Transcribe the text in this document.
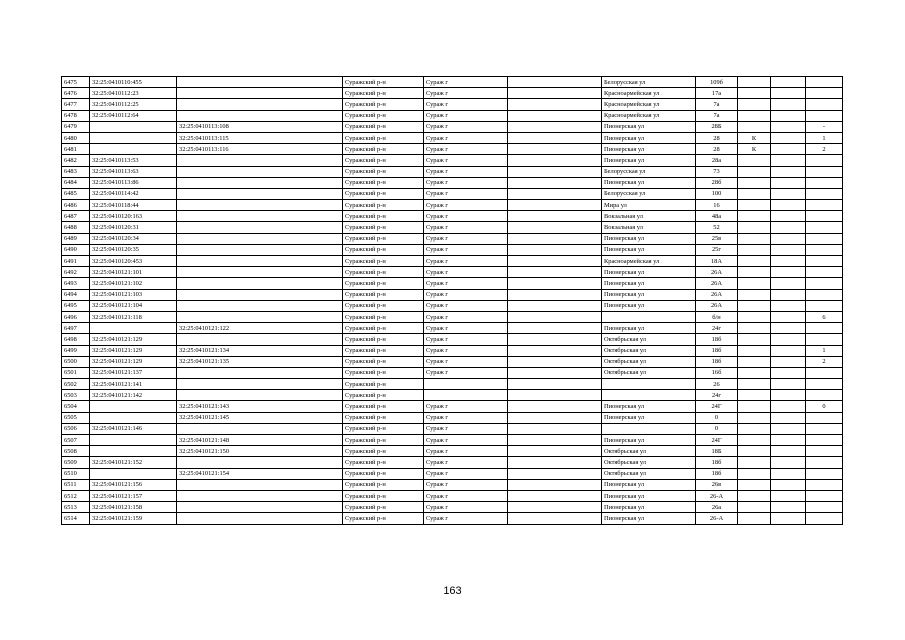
6475	32:25:0410110:455		Суражский р-н	Сураж г		Белорусская ул	109б			
6476	32:25:0410112:23		Суражский р-н	Сураж г		Красноармейская ул	17а			
6477	32:25:0410112:25		Суражский р-н	Сураж г		Красноармейская ул	7а			
6478	32:25:0410112:64		Суражский р-н	Сураж г		Красноармейская ул	7а			
6479		32:25:0410113:108	Суражский р-н	Сураж г		Пионерская ул	28Б			-
6480		32:25:0410113:115	Суражский р-н	Сураж г		Пионерская ул	28	К		1
6481		32:25:0410113:116	Суражский р-н	Сураж г		Пионерская ул	28	К		2
6482	32:25:0410113:53		Суражский р-н	Сураж г		Пионерская ул	28а			
6483	32:25:0410113:63		Суражский р-н	Сураж г		Белорусская ул	73			
6484	32:25:0410113:86		Суражский р-н	Сураж г		Пионерская ул	28б			
6485	32:25:0410114:42		Суражский р-н	Сураж г		Белорусская ул	100			
6486	32:25:0410118:44		Суражский р-н	Сураж г		Мира ул	16			
6487	32:25:0410120:163		Суражский р-н	Сураж г		Вокзальная ул	48а			
6488	32:25:0410120:31		Суражский р-н	Сураж г		Вокзальная ул	52			
6489	32:25:0410120:34		Суражский р-н	Сураж г		Пионерская ул	25в			
6490	32:25:0410120:35		Суражский р-н	Сураж г		Пионерская ул	25г			
6491	32:25:0410120:453		Суражский р-н	Сураж г		Красноармейская ул	18А			
6492	32:25:0410121:101		Суражский р-н	Сураж г		Пионерская ул	26А			
6493	32:25:0410121:102		Суражский р-н	Сураж г		Пионерская ул	26А			
6494	32:25:0410121:103		Суражский р-н	Сураж г		Пионерская ул	26А			
6495	32:25:0410121:104		Суражский р-н	Сураж г		Пионерская ул	26А			
6496	32:25:0410121:118		Суражский р-н	Сураж г			б/н			6
6497		32:25:0410121:122	Суражский р-н	Сураж г		Пионерская ул	24г			
6498	32:25:0410121:129		Суражский р-н	Сураж г		Октябрьская ул	18б			
6499	32:25:0410121:129	32:25:0410121:134	Суражский р-н	Сураж г		Октябрьская ул	18б			1
6500	32:25:0410121:129	32:25:0410121:135	Суражский р-н	Сураж г		Октябрьская ул	18б			2
6501	32:25:0410121:137		Суражский р-н	Сураж г		Октябрьская ул	16б			
6502	32:25:0410121:141		Суражский р-н				26			
6503	32:25:0410121:142		Суражский р-н				24г			
6504		32:25:0410121:143	Суражский р-н	Сураж г		Пионерская ул	24Г			0
6505		32:25:0410121:145	Суражский р-н	Сураж г		Пионерская ул	0			
6506	32:25:0410121:146		Суражский р-н	Сураж г			0			
6507		32:25:0410121:148	Суражский р-н	Сураж г		Пионерская ул	24Г			
6508		32:25:0410121:150	Суражский р-н	Сураж г		Октябрьская ул	18Б			
6509	32:25:0410121:152		Суражский р-н	Сураж г		Октябрьская ул	18б			
6510		32:25:0410121:154	Суражский р-н	Сураж г		Октябрьская ул	18б			
6511	32:25:0410121:156		Суражский р-н	Сураж г		Пионерская ул	26в			
6512	32:25:0410121:157		Суражский р-н	Сураж г		Пионерская ул	26-А			
6513	32:25:0410121:158		Суражский р-н	Сураж г		Пионерская ул	26а			
6514	32:25:0410121:159		Суражский р-н	Сураж г		Пионерская ул	26-А			
163
